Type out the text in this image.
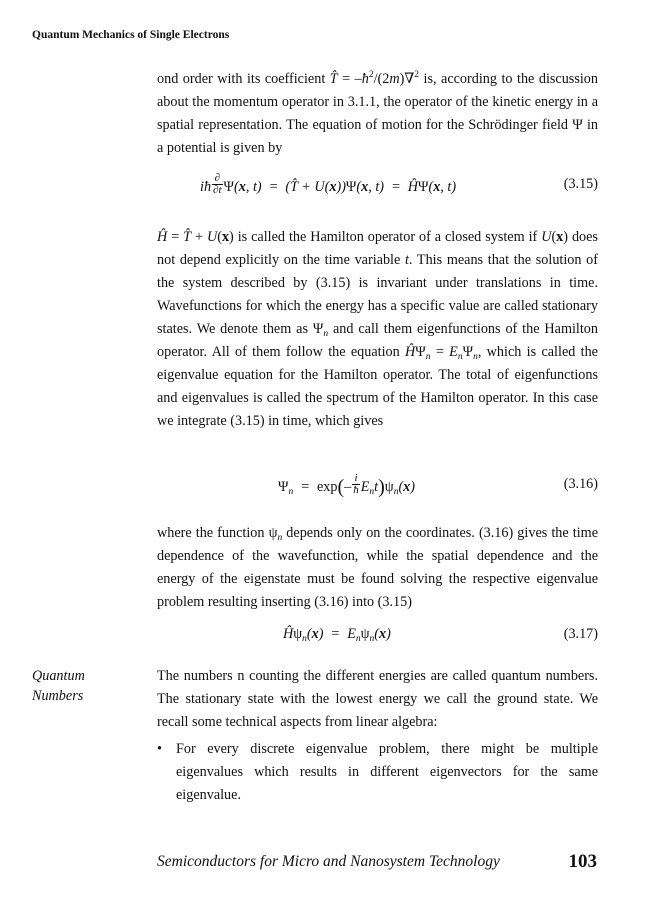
Quantum Mechanics of Single Electrons
ond order with its coefficient T̂ = $-ħ^2/(2m)\nabla^2$ is, according to the discussion about the momentum operator in 3.1.1, the operator of the kinetic energy in a spatial representation. The equation of motion for the Schrödinger field Ψ in a potential is given by
iħ $\frac{\partial}{\partial t} \Psi(x$, t)  =  (T̂ + U(x))Ψ(x, t)  =  ĤΨ(x, t)	(3.15)
Ĥ = T̂ + U(x) is called the Hamilton operator of a closed system if U(x) does not depend explicitly on the time variable t. This means that the solution of the system described by (3.15) is invariant under translations in time. Wavefunctions for which the energy has a specific value are called stationary states. We denote them as $\Psi_n$ and call them eigenfunctions of the Hamilton operator. All of them follow the equation $Ĥ\Psi_n = E_n\Psi_n$, which is called the eigenvalue equation for the Hamilton operator. The total of eigenfunctions and eigenvalues is called the spectrum of the Hamilton operator. In this case we integrate (3.15) in time, which gives
$\Psi_n = \exp(- \frac{i}{ħ} E_nt)\psi_n(x)$	(3.16)
where the function $\psi_n$ depends only on the coordinates. (3.16) gives the time dependence of the wavefunction, while the spatial dependence and the energy of the eigenstate must be found solving the respective eigenvalue problem resulting inserting (3.16) into (3.15)
$Ĥ\psi_n(x) = E_n\psi_n(x)$	(3.17)
Quantum
Numbers
The numbers n counting the different energies are called quantum numbers. The stationary state with the lowest energy we call the ground state. We recall some technical aspects from linear algebra:
• For every discrete eigenvalue problem, there might be multiple eigenvalues which results in different eigenvectors for the same eigenvalue.
Semiconductors for Micro and Nanosystem Technology	103
